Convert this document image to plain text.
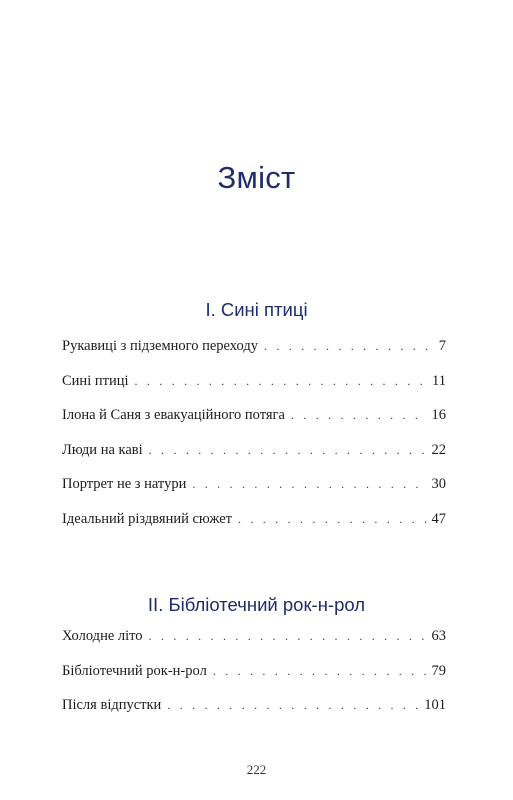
Зміст
І. Сині птиці
Рукавиці з підземного переходу . . .	7
Сині птиці . . .	11
Ілона й Саня з евакуаційного потяга . . .	16
Люди на каві . . .	22
Портрет не з натури . . .	30
Ідеальний різдвяний сюжет . . .	47
ІІ. Бібліотечний рок-н-рол
Холодне літо . . .	63
Бібліотечний рок-н-рол . . .	79
Після відпустки . . .	101
222
